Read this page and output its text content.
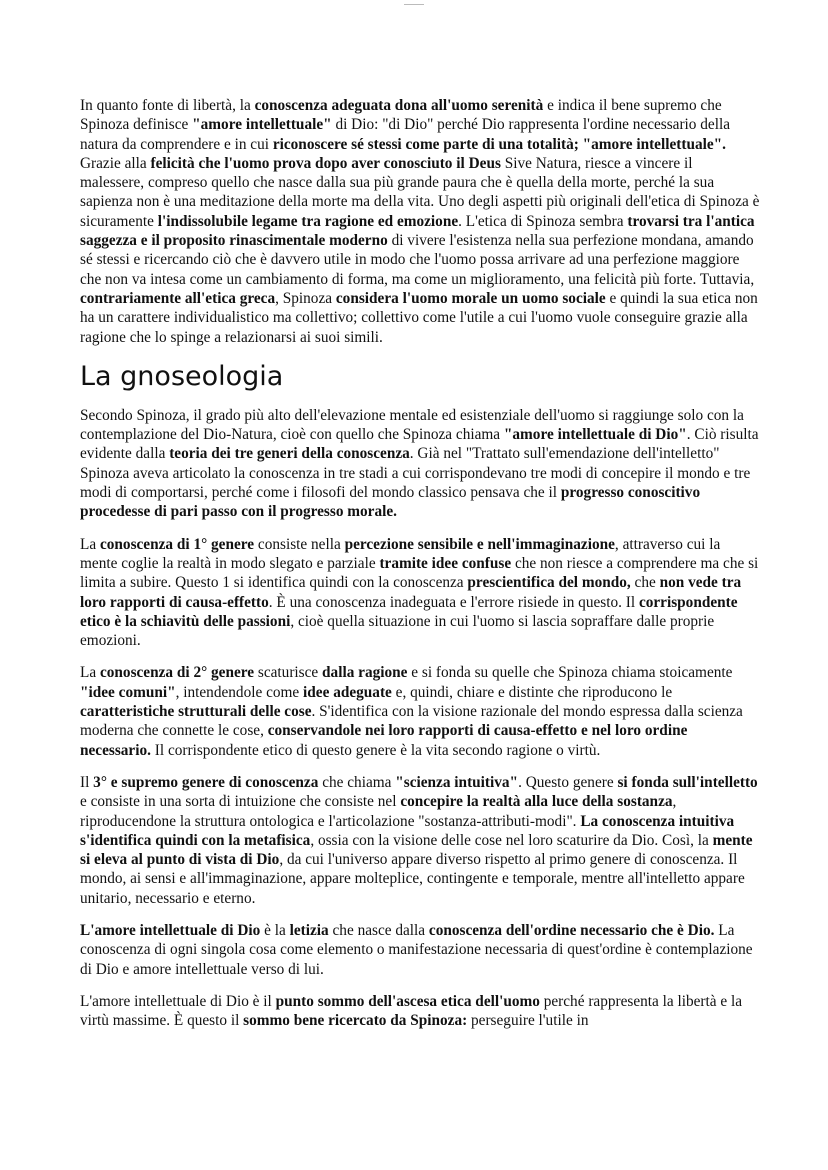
In quanto fonte di libertà, la conoscenza adeguata dona all'uomo serenità e indica il bene supremo che Spinoza definisce "amore intellettuale" di Dio: "di Dio" perché Dio rappresenta l'ordine necessario della natura da comprendere e in cui riconoscere sé stessi come parte di una totalità; "amore intellettuale". Grazie alla felicità che l'uomo prova dopo aver conosciuto il Deus Sive Natura, riesce a vincere il malessere, compreso quello che nasce dalla sua più grande paura che è quella della morte, perché la sua sapienza non è una meditazione della morte ma della vita. Uno degli aspetti più originali dell'etica di Spinoza è sicuramente l'indissolubile legame tra ragione ed emozione. L'etica di Spinoza sembra trovarsi tra l'antica saggezza e il proposito rinascimentale moderno di vivere l'esistenza nella sua perfezione mondana, amando sé stessi e ricercando ciò che è davvero utile in modo che l'uomo possa arrivare ad una perfezione maggiore che non va intesa come un cambiamento di forma, ma come un miglioramento, una felicità più forte. Tuttavia, contrariamente all'etica greca, Spinoza considera l'uomo morale un uomo sociale e quindi la sua etica non ha un carattere individualistico ma collettivo; collettivo come l'utile a cui l'uomo vuole conseguire grazie alla ragione che lo spinge a relazionarsi ai suoi simili.

La gnoseologia

Secondo Spinoza, il grado più alto dell'elevazione mentale ed esistenziale dell'uomo si raggiunge solo con la contemplazione del Dio-Natura, cioè con quello che Spinoza chiama "amore intellettuale di Dio". Ciò risulta evidente dalla teoria dei tre generi della conoscenza. Già nel "Trattato sull'emendazione dell'intelletto" Spinoza aveva articolato la conoscenza in tre stadi a cui corrispondevano tre modi di concepire il mondo e tre modi di comportarsi, perché come i filosofi del mondo classico pensava che il progresso conoscitivo procedesse di pari passo con il progresso morale.

La conoscenza di 1° genere consiste nella percezione sensibile e nell'immaginazione, attraverso cui la mente coglie la realtà in modo slegato e parziale tramite idee confuse che non riesce a comprendere ma che si limita a subire. Questo 1 si identifica quindi con la conoscenza prescientifica del mondo, che non vede tra loro rapporti di causa-effetto. È una conoscenza inadeguata e l'errore risiede in questo. Il corrispondente etico è la schiavitù delle passioni, cioè quella situazione in cui l'uomo si lascia sopraffare dalle proprie emozioni.

La conoscenza di 2° genere scaturisce dalla ragione e si fonda su quelle che Spinoza chiama stoicamente "idee comuni", intendendole come idee adeguate e, quindi, chiare e distinte che riproducono le caratteristiche strutturali delle cose. S'identifica con la visione razionale del mondo espressa dalla scienza moderna che connette le cose, conservandole nei loro rapporti di causa-effetto e nel loro ordine necessario. Il corrispondente etico di questo genere è la vita secondo ragione o virtù.

Il 3° e supremo genere di conoscenza che chiama "scienza intuitiva". Questo genere si fonda sull'intelletto e consiste in una sorta di intuizione che consiste nel concepire la realtà alla luce della sostanza, riproducendone la struttura ontologica e l'articolazione "sostanza-attributi-modi". La conoscenza intuitiva s'identifica quindi con la metafisica, ossia con la visione delle cose nel loro scaturire da Dio. Così, la mente si eleva al punto di vista di Dio, da cui l'universo appare diverso rispetto al primo genere di conoscenza. Il mondo, ai sensi e all'immaginazione, appare molteplice, contingente e temporale, mentre all'intelletto appare unitario, necessario e eterno.

L'amore intellettuale di Dio è la letizia che nasce dalla conoscenza dell'ordine necessario che è Dio. La conoscenza di ogni singola cosa come elemento o manifestazione necessaria di quest'ordine è contemplazione di Dio e amore intellettuale verso di lui.

L'amore intellettuale di Dio è il punto sommo dell'ascesa etica dell'uomo perché rappresenta la libertà e la virtù massime. È questo il sommo bene ricercato da Spinoza: perseguire l'utile in
